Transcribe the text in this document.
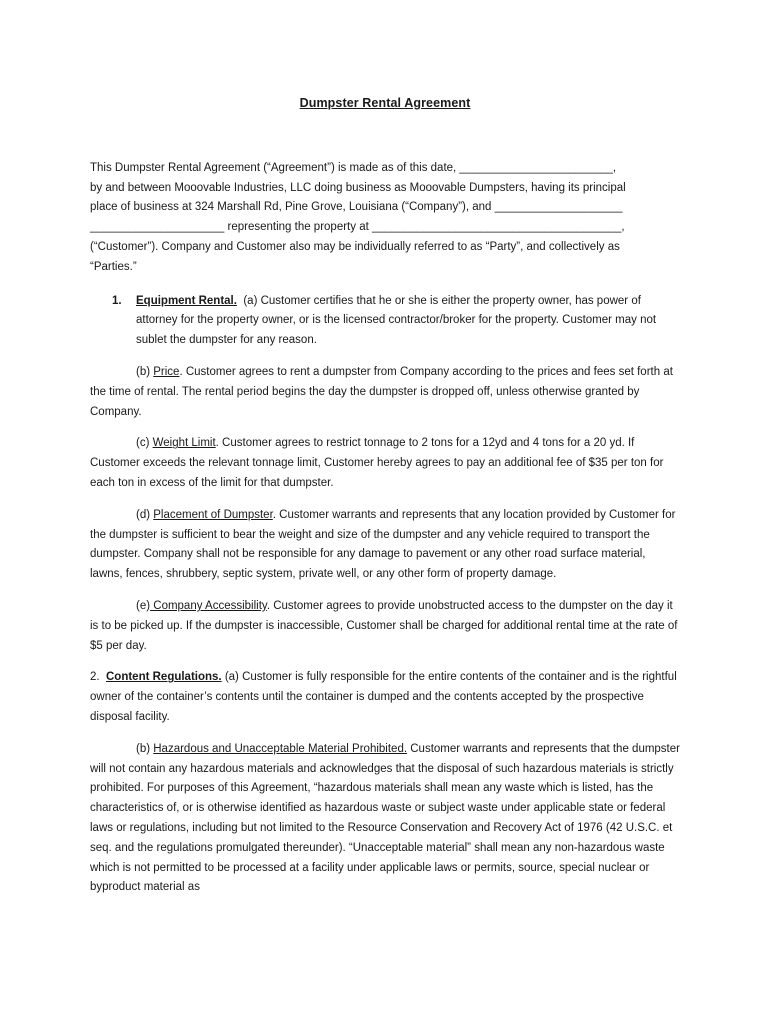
Dumpster Rental Agreement

This Dumpster Rental Agreement (“Agreement”) is made as of this date, ________________________,
by and between Mooovable Industries, LLC doing business as Mooovable Dumpsters, having its principal
place of business at 324 Marshall Rd, Pine Grove, Louisiana (“Company”), and ____________________
_____________________ representing the property at _______________________________________,
(“Customer”). Company and Customer also may be individually referred to as “Party”, and collectively as
“Parties.”

1. Equipment Rental. (a) Customer certifies that he or she is either the property owner, has power of attorney for the property owner, or is the licensed contractor/broker for the property. Customer may not sublet the dumpster for any reason.

(b) Price. Customer agrees to rent a dumpster from Company according to the prices and fees set forth at the time of rental. The rental period begins the day the dumpster is dropped off, unless otherwise granted by Company.

(c) Weight Limit. Customer agrees to restrict tonnage to 2 tons for a 12yd and 4 tons for a 20 yd. If Customer exceeds the relevant tonnage limit, Customer hereby agrees to pay an additional fee of $35 per ton for each ton in excess of the limit for that dumpster.

(d) Placement of Dumpster. Customer warrants and represents that any location provided by Customer for the dumpster is sufficient to bear the weight and size of the dumpster and any vehicle required to transport the dumpster. Company shall not be responsible for any damage to pavement or any other road surface material, lawns, fences, shrubbery, septic system, private well, or any other form of property damage.

(e) Company Accessibility. Customer agrees to provide unobstructed access to the dumpster on the day it is to be picked up. If the dumpster is inaccessible, Customer shall be charged for additional rental time at the rate of $5 per day.

2. Content Regulations. (a) Customer is fully responsible for the entire contents of the container and is the rightful owner of the container’s contents until the container is dumped and the contents accepted by the prospective disposal facility.

(b) Hazardous and Unacceptable Material Prohibited. Customer warrants and represents that the dumpster will not contain any hazardous materials and acknowledges that the disposal of such hazardous materials is strictly prohibited. For purposes of this Agreement, “hazardous materials shall mean any waste which is listed, has the characteristics of, or is otherwise identified as hazardous waste or subject waste under applicable state or federal laws or regulations, including but not limited to the Resource Conservation and Recovery Act of 1976 (42 U.S.C. et seq. and the regulations promulgated thereunder). “Unacceptable material” shall mean any non-hazardous waste which is not permitted to be processed at a facility under applicable laws or permits, source, special nuclear or byproduct material as
